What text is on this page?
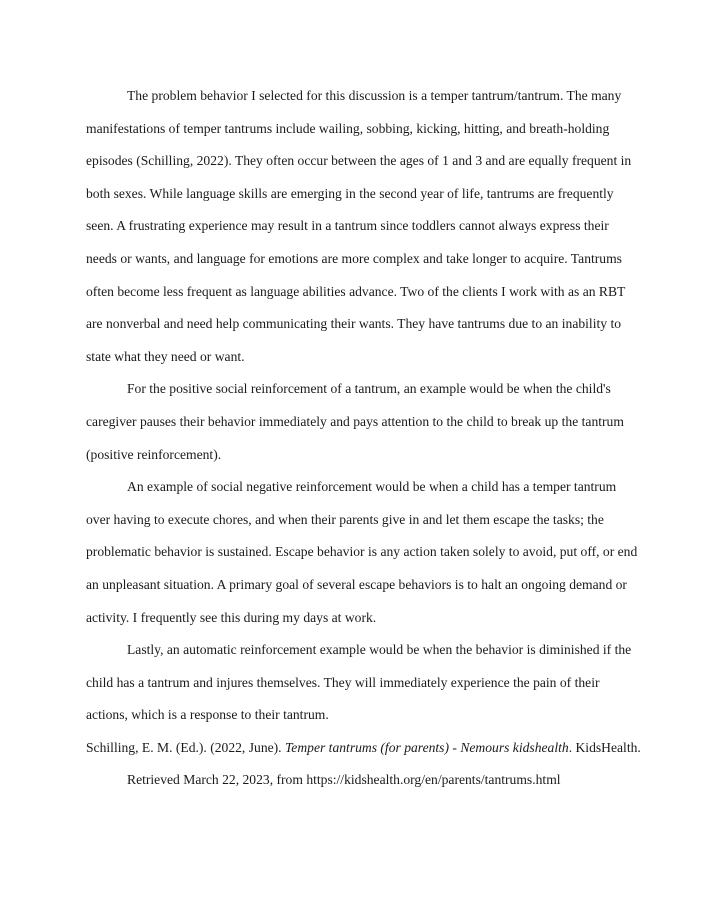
The problem behavior I selected for this discussion is a temper tantrum/tantrum. The many manifestations of temper tantrums include wailing, sobbing, kicking, hitting, and breath-holding episodes (Schilling, 2022). They often occur between the ages of 1 and 3 and are equally frequent in both sexes. While language skills are emerging in the second year of life, tantrums are frequently seen. A frustrating experience may result in a tantrum since toddlers cannot always express their needs or wants, and language for emotions are more complex and take longer to acquire. Tantrums often become less frequent as language abilities advance. Two of the clients I work with as an RBT are nonverbal and need help communicating their wants. They have tantrums due to an inability to state what they need or want.

For the positive social reinforcement of a tantrum, an example would be when the child's caregiver pauses their behavior immediately and pays attention to the child to break up the tantrum (positive reinforcement).

An example of social negative reinforcement would be when a child has a temper tantrum over having to execute chores, and when their parents give in and let them escape the tasks; the problematic behavior is sustained. Escape behavior is any action taken solely to avoid, put off, or end an unpleasant situation. A primary goal of several escape behaviors is to halt an ongoing demand or activity. I frequently see this during my days at work.

Lastly, an automatic reinforcement example would be when the behavior is diminished if the child has a tantrum and injures themselves. They will immediately experience the pain of their actions, which is a response to their tantrum.

Schilling, E. M. (Ed.). (2022, June). Temper tantrums (for parents) - Nemours kidshealth. KidsHealth. Retrieved March 22, 2023, from https://kidshealth.org/en/parents/tantrums.html
